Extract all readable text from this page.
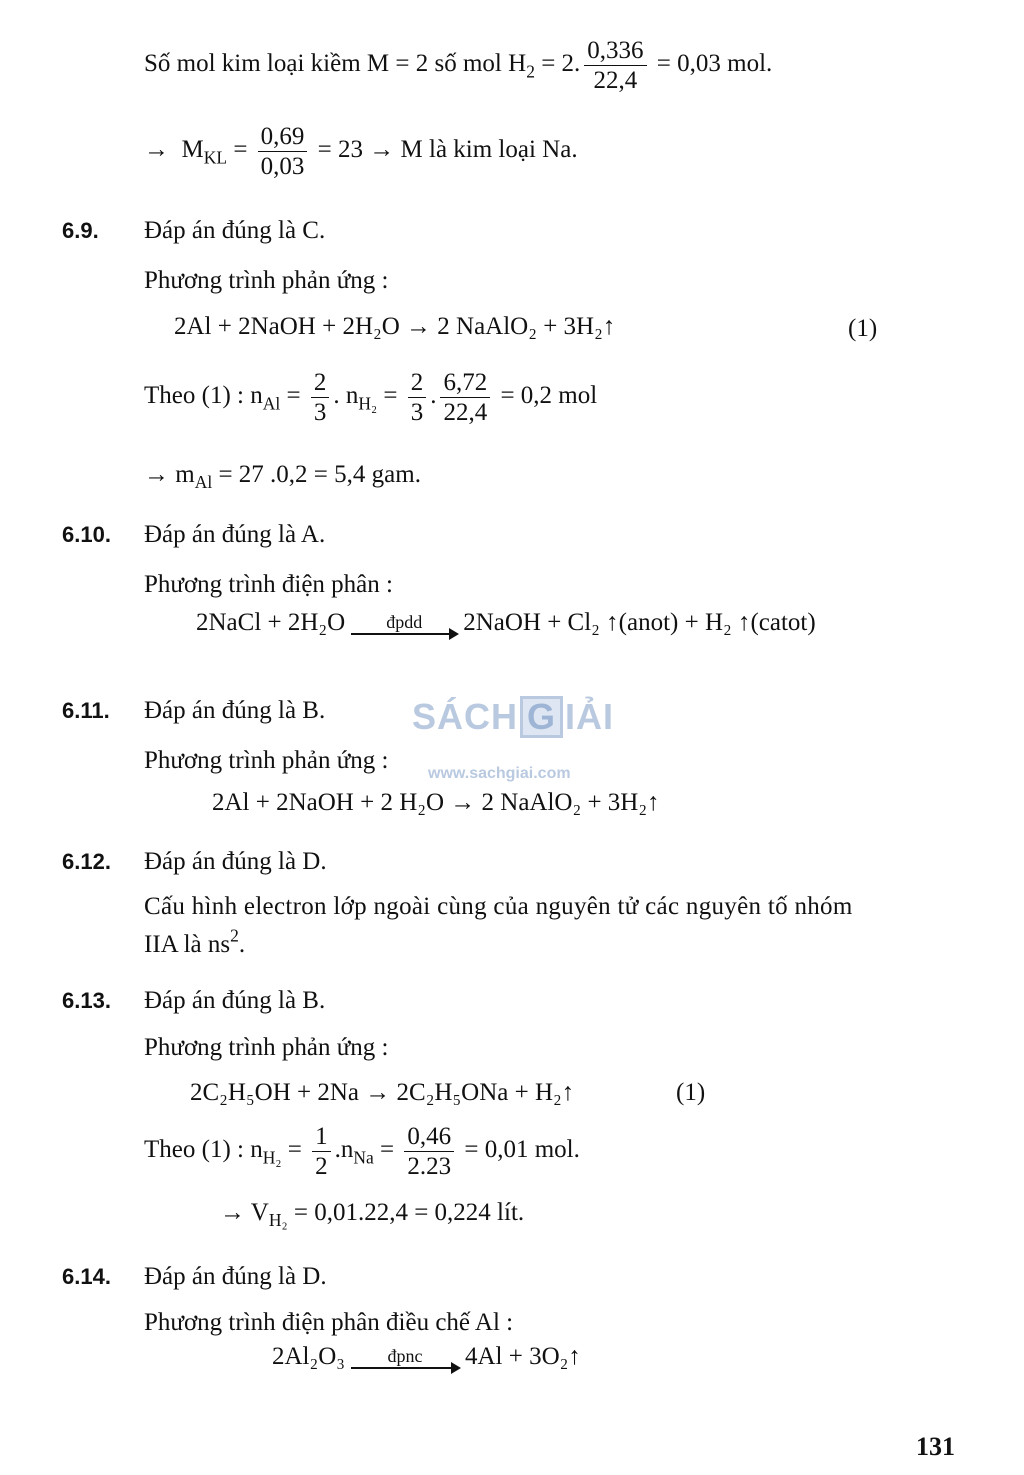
Số mol kim loại kiềm M = 2 số mol $H_2 = 2$. $\frac{0,336}{22,4} = 0,03$ mol.
→ $M_{KL} = \frac{0,69}{0,03} = 23 \to M$ là kim loại Na.
6.9. Đáp án đúng là C.
Phương trình phản ứng :
2Al + 2NaOH + 2H₂O → 2 NaAlO₂ + 3H₂↑	(1)
Theo (1) : $n_{Al} = \frac{2}{3}$ . $n_{H_2} = \frac{2}{3}$ . $\frac{6,72}{22,4} = 0,2$ mol
→ $m_{Al} = 27$ .0,2 = 5,4 gam.
6.10. Đáp án đúng là A.
Phương trình điện phân :
2NaCl + 2H₂O	đpdd	2NaOH + Cl₂ ↑(anot) + H₂ ↑(catot)
SÁCH G IẢI
www.sachgiai.com
6.11. Đáp án đúng là B.
Phương trình phản ứng :
2Al + 2NaOH + 2 H₂O → 2 NaAlO₂ + 3H₂↑
6.12. Đáp án đúng là D.
Cấu hình electron lớp ngoài cùng của nguyên tử các nguyên tố nhóm
IIA là $ns^2$.
6.13. Đáp án đúng là B.
Phương trình phản ứng :
2C₂H₅OH + 2Na → 2C₂H₅ONa + H₂↑	(1)
Theo (1) : $n_{H_2} = \frac{1}{2} .n_{Na} = \frac{0,46}{2.23} = 0,01$ mol.
→ $V_{H_2} = 0,01.22,4 = 0,224$ lít.
6.14. Đáp án đúng là D.
Phương trình điện phân điều chế Al :
2Al₂O₃	đpnc	4Al + 3O₂↑
131
